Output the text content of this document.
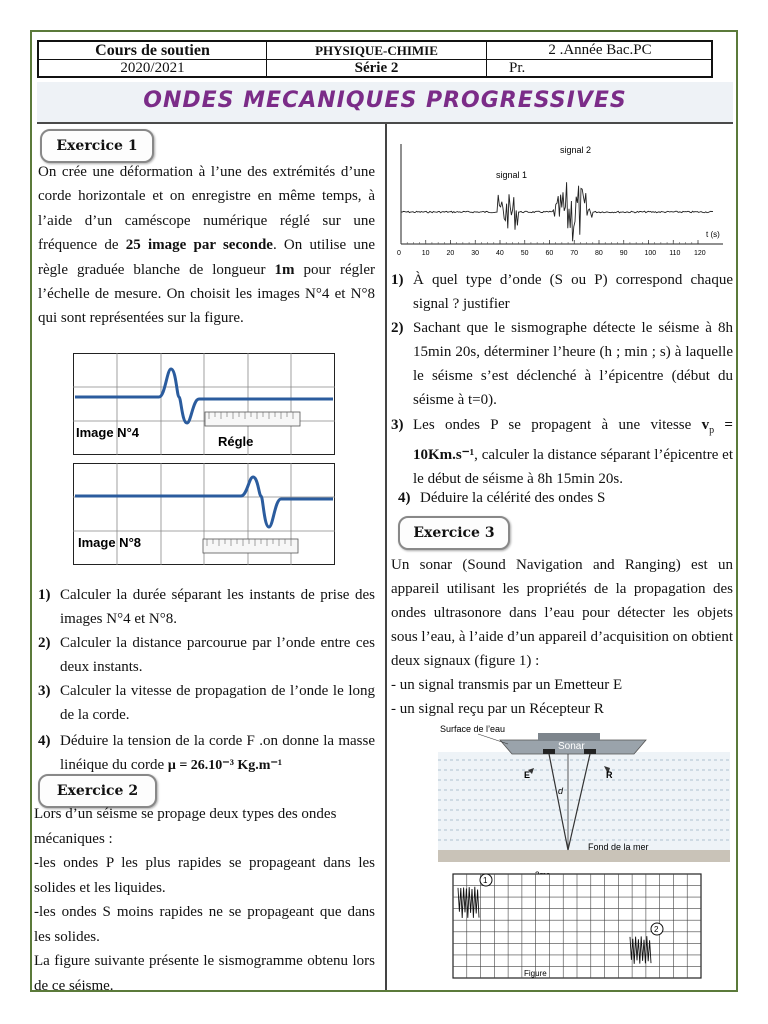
Cours de soutien	PHYSIQUE-CHIMIE	2 .Année Bac.PC
2020/2021	Série 2	Pr.
ONDES MECANIQUES PROGRESSIVES
Exercice 1
On crée une déformation à l’une des extrémités d’une corde horizontale et on enregistre en même temps, à l’aide d’un caméscope numérique réglé sur une fréquence de 25 image par seconde. On utilise une règle graduée blanche de longueur 1m pour régler l’échelle de mesure. On choisit les images N°4 et N°8 qui sont représentées sur la figure.
Image N°4
Régle
Image N°8
1) Calculer la durée séparant les instants de prise des images N°4 et N°8.
2) Calculer la distance parcourue par l’onde entre ces deux instants.
3) Calculer la vitesse de propagation de l’onde le long de la corde.
4) Déduire la tension de la corde F .on donne la masse linéique du corde μ = 26.10⁻³ Kg.m⁻¹
Exercice 2
Lors d’un séisme se propage deux types des ondes mécaniques :
-les ondes P les plus rapides se propageant dans les solides et les liquides.
-les ondes S moins rapides ne se propageant que dans les solides.
La figure suivante présente le sismogramme obtenu lors de ce séisme.
0	10 20 30 40 50 60 70 80 90 100 110 120
signal 1
signal 2
t (s)
1) À quel type d’onde (S ou P) correspond chaque signal ? justifier
2) Sachant que le sismographe détecte le séisme à 8h 15min 20s, déterminer l’heure (h ; min ; s) à laquelle le séisme s’est déclenché à l’épicentre (début du séisme à t=0).
3) Les ondes P se propagent à une vitesse $v_p = 10Km.s^{-1}$, calculer la distance séparant l’épicentre et le début de séisme à 8h 15min 20s.
4) Déduire la célérité des ondes S
Exercice 3
Un sonar (Sound Navigation and Ranging) est un appareil utilisant les propriétés de la propagation des ondes ultrasonore dans l’eau pour détecter les objets sous l’eau, à l’aide d’un appareil d’acquisition on obtient deux signaux (figure 1) :
- un signal transmis par un Emetteur E
- un signal reçu par un Récepteur R
Surface de l’eau
Sonar
E	R
d
Fond de la mer
1
2
Figure
